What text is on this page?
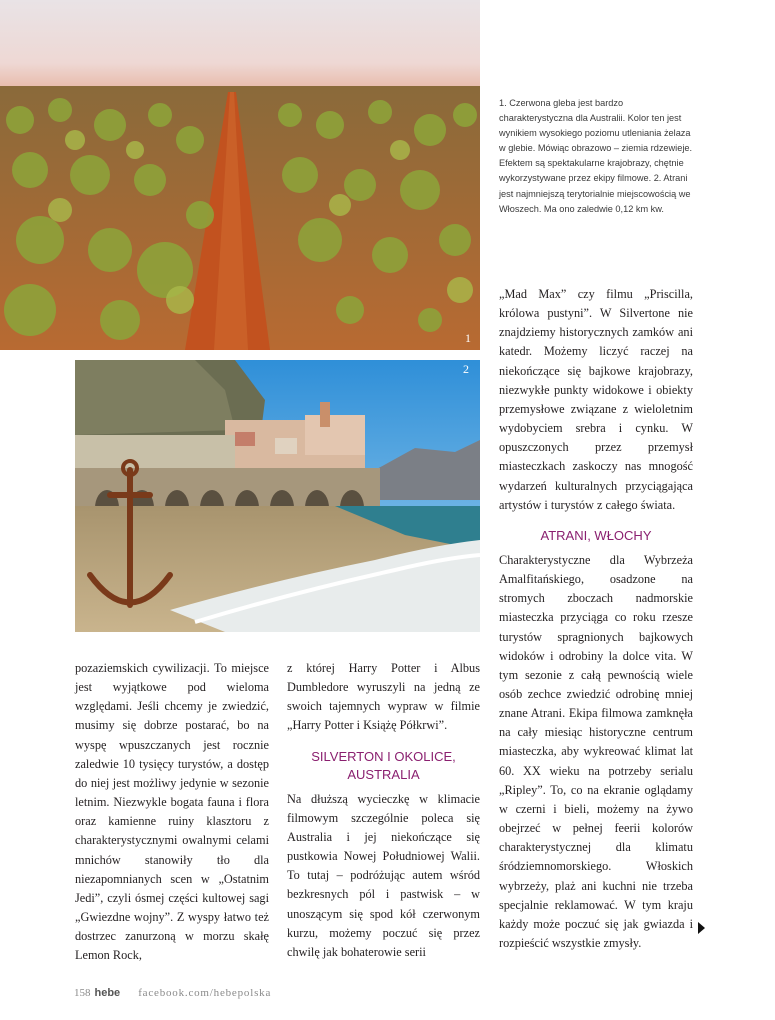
1
2
1. Czerwona gleba jest bardzo charakterystyczna dla Australii. Kolor ten jest wynikiem wysokiego poziomu utleniania żelaza w glebie. Mówiąc obrazowo – ziemia rdzewieje. Efektem są spektakularne krajobrazy, chętnie wykorzystywane przez ekipy filmowe. 2. Atrani jest najmniejszą terytorialnie miejscowością we Włoszech. Ma ono zaledwie 0,12 km kw.

pozaziemskich cywilizacji. To miejsce jest wyjątkowe pod wieloma względami. Jeśli chcemy je zwiedzić, musimy się dobrze postarać, bo na wyspę wpuszczanych jest rocznie zaledwie 10 tysięcy turystów, a dostęp do niej jest możliwy jedynie w sezonie letnim. Niezwykle bogata fauna i flora oraz kamienne ruiny klasztoru z charakterystycznymi owalnymi celami mnichów stanowiły tło dla niezapomnianych scen w „Ostatnim Jedi”, czyli ósmej części kultowej sagi „Gwiezdne wojny”. Z wyspy łatwo też dostrzec zanurzoną w morzu skałę Lemon Rock,

z której Harry Potter i Albus Dumbledore wyruszyli na jedną ze swoich tajemnych wypraw w filmie „Harry Potter i Książę Półkrwi”.

SILVERTON I OKOLICE, AUSTRALIA

Na dłuższą wycieczkę w klimacie filmowym szczególnie poleca się Australia i jej niekończące się pustkowia Nowej Południowej Walii. To tutaj – podróżując autem wśród bezkresnych pól i pastwisk – w unoszącym się spod kół czerwonym kurzu, możemy poczuć się przez chwilę jak bohaterowie serii

„Mad Max” czy filmu „Priscilla, królowa pustyni”. W Silvertone nie znajdziemy historycznych zamków ani katedr. Możemy liczyć raczej na niekończące się bajkowe krajobrazy, niezwykłe punkty widokowe i obiekty przemysłowe związane z wieloletnim wydobyciem srebra i cynku. W opuszczonych przez przemysł miasteczkach zaskoczy nas mnogość wydarzeń kulturalnych przyciągająca artystów i turystów z całego świata.

ATRANI, WŁOCHY

Charakterystyczne dla Wybrzeża Amalfitańskiego, osadzone na stromych zboczach nadmorskie miasteczka przyciąga co roku rzesze turystów spragnionych bajkowych widoków i odrobiny la dolce vita. W tym sezonie z całą pewnością wiele osób zechce zwiedzić odrobinę mniej znane Atrani. Ekipa filmowa zamknęła na cały miesiąc historyczne centrum miasteczka, aby wykreować klimat lat 60. XX wieku na potrzeby serialu „Ripley”. To, co na ekranie oglądamy w czerni i bieli, możemy na żywo obejrzeć w pełnej feerii kolorów charakterystycznej dla klimatu śródziemnomorskiego. Włoskich wybrzeży, plaż ani kuchni nie trzeba specjalnie reklamować. W tym kraju każdy może poczuć się jak gwiazda i rozpieścić wszystkie zmysły.

158 hebe facebook.com/hebepolska
